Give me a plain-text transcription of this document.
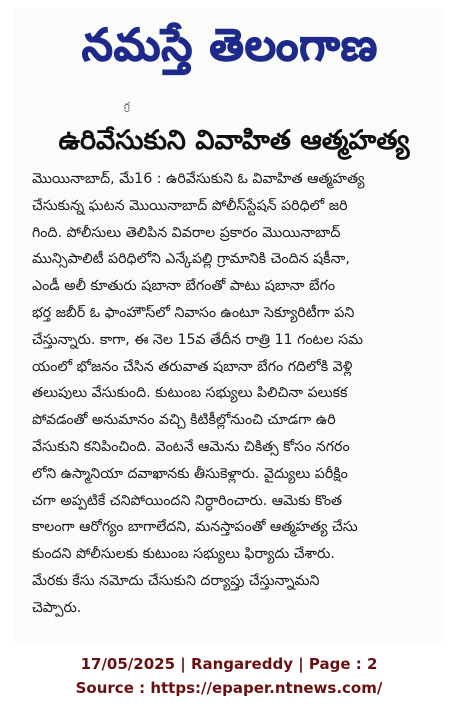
నమస్తే తెలంగాణ
గ్ర
ఉరివేసుకుని వివాహిత ఆత్మహత్య
మొయినాబాద్, మే16 : ఉరివేసుకుని ఓ వివాహిత ఆత్మహత్య
చేసుకున్న ఘటన మొయినాబాద్ పోలీస్‌స్టేషన్ పరిధిలో జరి
గింది. పోలీసులు తెలిపిన వివరాల ప్రకారం మొయినాబాద్
మున్సిపాలిటీ పరిధిలోని ఎన్కేపల్లి గ్రామానికి చెందిన షకీనా,
ఎండీ అలీ కూతురు షబానా బేగంతో పాటు షబానా బేగం
భర్త జబీర్ ఓ ఫాంహౌస్‌లో నివాసం ఉంటూ సెక్యూరిటీగా పని
చేస్తున్నారు. కాగా, ఈ నెల 15వ తేదీన రాత్రి 11 గంటల సమ
యంలో భోజనం చేసిన తరువాత షబానా బేగం గదిలోకి వెళ్లి
తలుపులు వేసుకుంది. కుటుంబ సభ్యులు పిలిచినా పలుకక
పోవడంతో అనుమానం వచ్చి కిటికీల్లోనుంచి చూడగా ఉరి
వేసుకుని కనిపించింది. వెంటనే ఆమెను చికిత్స కోసం నగరం
లోని ఉస్మానియా దవాఖానకు తీసుకెళ్లారు. వైద్యులు పరీక్షిం
చగా అప్పటికే చనిపోయిందని నిర్ధారించారు. ఆమెకు కొంత
కాలంగా ఆరోగ్యం బాగాలేదని, మనస్తాపంతో ఆత్మహత్య చేసు
కుందని పోలీసులకు కుటుంబ సభ్యులు ఫిర్యాదు చేశారు.
మేరకు కేసు నమోదు చేసుకుని దర్యాప్తు చేస్తున్నామని
చెప్పారు.
17/05/2025 | Rangareddy | Page : 2
Source : https://epaper.ntnews.com/
